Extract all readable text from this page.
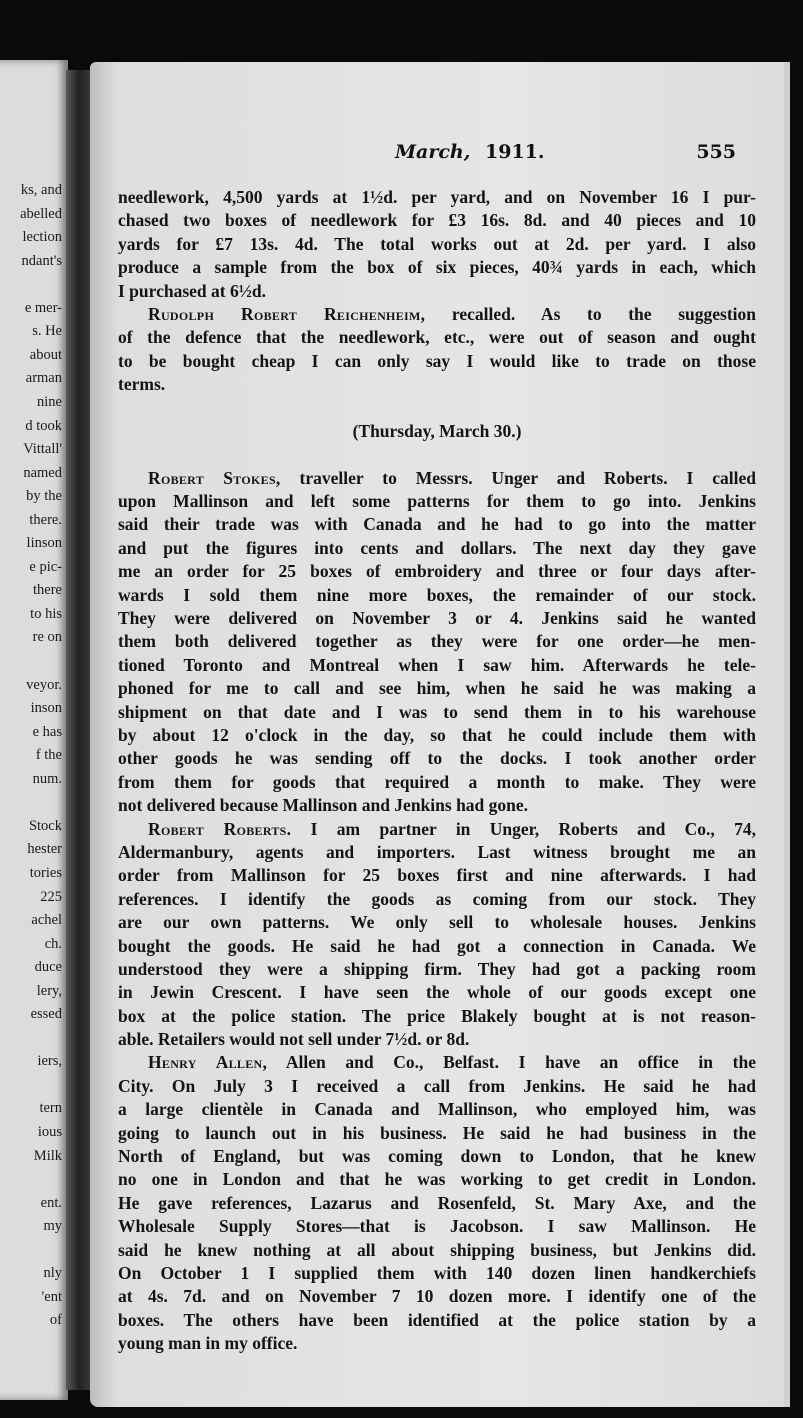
ks, and
abelled
lection
ndant's
e mer-
s. He
about
arman
nine
d took
Vittall'
named
by the
there.
linson
e pic-
there
to his
re on
veyor.
inson
e has
f the
num.
Stock
hester
tories
225
achel
ch.
duce
lery,
essed
iers,
tern
ious
Milk
ent.
my
nly
'ent
of
March, 1911.	555
needlework, 4,500 yards at 1½d. per yard, and on November 16 I pur-
chased two boxes of needlework for £3 16s. 8d. and 40 pieces and 10
yards for £7 13s. 4d. The total works out at 2d. per yard. I also
produce a sample from the box of six pieces, 40¾ yards in each, which
I purchased at 6½d.
Rudolph Robert Reichenheim, recalled. As to the suggestion
of the defence that the needlework, etc., were out of season and ought
to be bought cheap I can only say I would like to trade on those
terms.
(Thursday, March 30.)
Robert Stokes, traveller to Messrs. Unger and Roberts. I called
upon Mallinson and left some patterns for them to go into. Jenkins
said their trade was with Canada and he had to go into the matter
and put the figures into cents and dollars. The next day they gave
me an order for 25 boxes of embroidery and three or four days after-
wards I sold them nine more boxes, the remainder of our stock.
They were delivered on November 3 or 4. Jenkins said he wanted
them both delivered together as they were for one order—he men-
tioned Toronto and Montreal when I saw him. Afterwards he tele-
phoned for me to call and see him, when he said he was making a
shipment on that date and I was to send them in to his warehouse
by about 12 o'clock in the day, so that he could include them with
other goods he was sending off to the docks. I took another order
from them for goods that required a month to make. They were
not delivered because Mallinson and Jenkins had gone.
Robert Roberts. I am partner in Unger, Roberts and Co., 74,
Aldermanbury, agents and importers. Last witness brought me an
order from Mallinson for 25 boxes first and nine afterwards. I had
references. I identify the goods as coming from our stock. They
are our own patterns. We only sell to wholesale houses. Jenkins
bought the goods. He said he had got a connection in Canada. We
understood they were a shipping firm. They had got a packing room
in Jewin Crescent. I have seen the whole of our goods except one
box at the police station. The price Blakely bought at is not reason-
able. Retailers would not sell under 7½d. or 8d.
Henry Allen, Allen and Co., Belfast. I have an office in the
City. On July 3 I received a call from Jenkins. He said he had
a large clientèle in Canada and Mallinson, who employed him, was
going to launch out in his business. He said he had business in the
North of England, but was coming down to London, that he knew
no one in London and that he was working to get credit in London.
He gave references, Lazarus and Rosenfeld, St. Mary Axe, and the
Wholesale Supply Stores—that is Jacobson. I saw Mallinson. He
said he knew nothing at all about shipping business, but Jenkins did.
On October 1 I supplied them with 140 dozen linen handkerchiefs
at 4s. 7d. and on November 7 10 dozen more. I identify one of the
boxes. The others have been identified at the police station by a
young man in my office.
